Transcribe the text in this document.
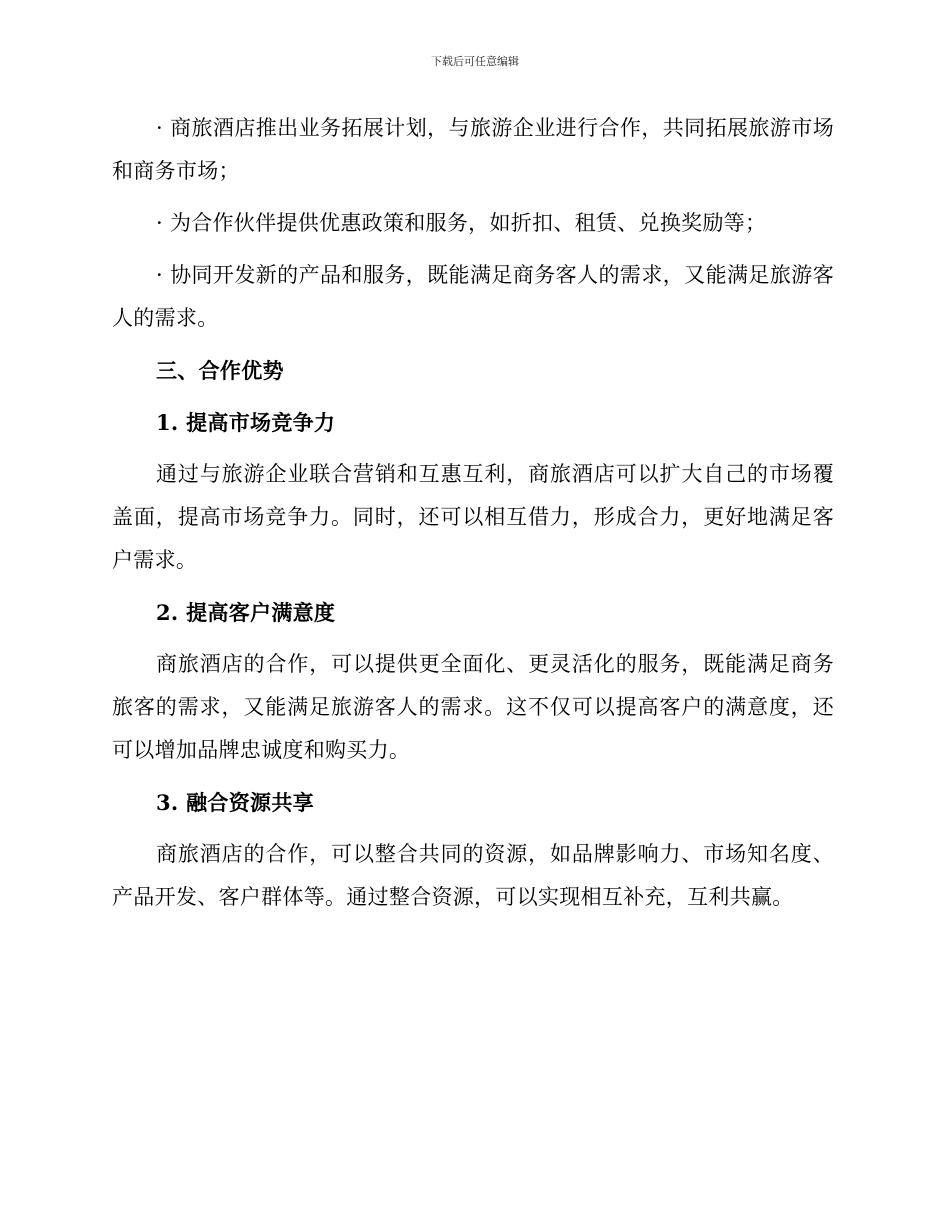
下载后可任意编辑

· 商旅酒店推出业务拓展计划，与旅游企业进行合作，共同拓展旅游市场和商务市场；

· 为合作伙伴提供优惠政策和服务，如折扣、租赁、兑换奖励等；

· 协同开发新的产品和服务，既能满足商务客人的需求，又能满足旅游客人的需求。

三、合作优势

1. 提高市场竞争力

通过与旅游企业联合营销和互惠互利，商旅酒店可以扩大自己的市场覆盖面，提高市场竞争力。同时，还可以相互借力，形成合力，更好地满足客户需求。

2. 提高客户满意度

商旅酒店的合作，可以提供更全面化、更灵活化的服务，既能满足商务旅客的需求，又能满足旅游客人的需求。这不仅可以提高客户的满意度，还可以增加品牌忠诚度和购买力。

3. 融合资源共享

商旅酒店的合作，可以整合共同的资源，如品牌影响力、市场知名度、产品开发、客户群体等。通过整合资源，可以实现相互补充，互利共赢。
